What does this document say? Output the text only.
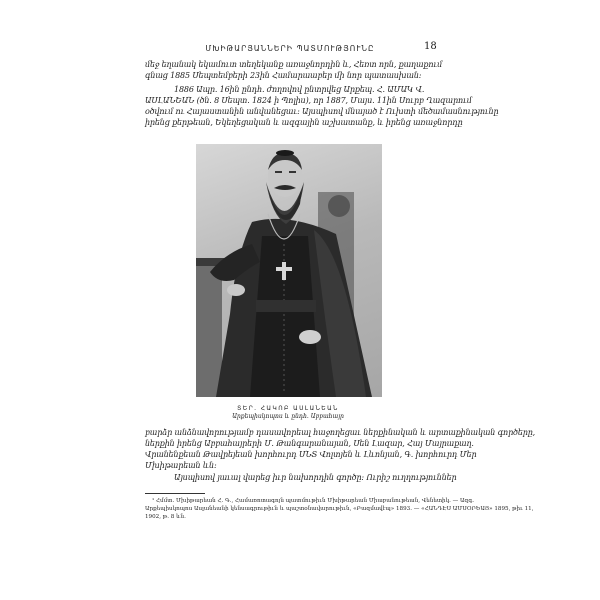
ՄԽԻԹԱՐՅԱՆՆԵՐԻ ՊԱՏՄՈՒԹՅՈՒՆԸ	18
մեջ եղանակ եկամուտ տեղեկանք առաջնորդին և, Հեռտ որն, քաղաքում
գնաց 1885 Սեպտեմբերի 23ին Համարաաբեր մի նոր պատասխան:
1886 Ապր. 16ին ընդհ. ժողովով ընտրվեց Արքեպ. Հ. ԱՄԱԿ Վ.
ԱՍԼԱՆԵԱՆ (ծն. 8 Սեպտ. 1824 ի Պոլիս), որ 1887, Մայս. 11ին Սուրբ Ղազարում
օծվում ու Հայաստանին անվանեցաւ: Այսպիսով մնայած է Ուխտի մեծամասնությունը
իրենց քերթեան, Եկեղեցական և ազգային աշխատանք, և իրենց առաջնորդը
ՏԵՐ. ՀԱԿՈԲ ԱՍԼԱՆԵԱՆ
Արքեպիսկոպոս և ընդհ. Աբբահայր
բարձր անձնավորությամբ դասավորեալ հաջողեցաւ ներքինական և արտաքինական գործերը,
ներքին իրենց Աբբահայրերի Մ. Թանգարանայան, Սեն Լազար, Հայ Մայրաքաղ.
Վրանենքեան Թավրեյեան խորհուրդ ՍՆՏ Վոլտյեն և Լևոնյան, Գ. խորհուրդ Մեր
Մխիթարեան ևն:
Այսպիսով յաւալ վարեց իւր նախորդին գործը: Ուրիշ ուղղություններ
¹ Հմմտ. Մխիթարեան Հ. Գ., Համառոտագոյն պատմութիւն Մխիթարեան Միաբանութեան, Վենետիկ. — Ազգ.
Արքեպիսկոպոս Ասլանեանի կենսագրութիւն և պաշտօնավարութիւն, «Բազմավէպ» 1893. — «ՀԱՆԴԷՍ ԱՄՍՕՐԵԱՅ» 1895, թիւ 11,
1902, թ. 8 ևն.
